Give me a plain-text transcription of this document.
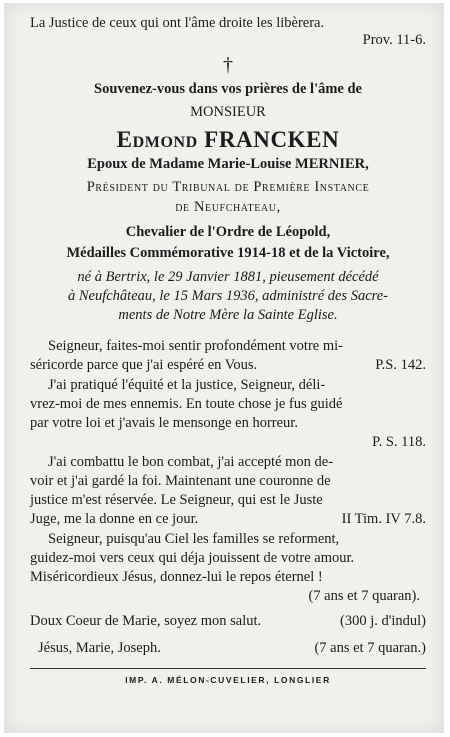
La Justice de ceux qui ont l'âme droite les libèrera.
Prov. 11-6.
†
Souvenez-vous dans vos prières de l'âme de
MONSIEUR
Edmond FRANCKEN
Epoux de Madame Marie-Louise MERNIER,
Président du Tribunal de Première Instance
de Neufchateau,
Chevalier de l'Ordre de Léopold,
Médailles Commémorative 1914-18 et de la Victoire,
né à Bertrix, le 29 Janvier 1881, pieusement décédé
à Neufchâteau, le 15 Mars 1936, administré des Sacre-
ments de Notre Mère la Sainte Eglise.
Seigneur, faites-moi sentir profondément votre mi-
séricorde parce que j'ai espéré en Vous.	P.S. 142.
J'ai pratiqué l'équité et la justice, Seigneur, déli-
vrez-moi de mes ennemis. En toute chose je fus guidé
par votre loi et j'avais le mensonge en horreur.
P. S. 118.
J'ai combattu le bon combat, j'ai accepté mon de-
voir et j'ai gardé la foi. Maintenant une couronne de
justice m'est réservée. Le Seigneur, qui est le Juste
Juge, me la donne en ce jour.	II Tim. IV 7.8.
Seigneur, puisqu'au Ciel les familles se reforment,
guidez-moi vers ceux qui déja jouissent de votre amour.
Miséricordieux Jésus, donnez-lui le repos éternel !
(7 ans et 7 quaran).
Doux Coeur de Marie, soyez mon salut.	(300 j. d'indul)
Jésus, Marie, Joseph.	(7 ans et 7 quaran.)
IMP. A. MÉLON-CUVELIER, LONGLIER
